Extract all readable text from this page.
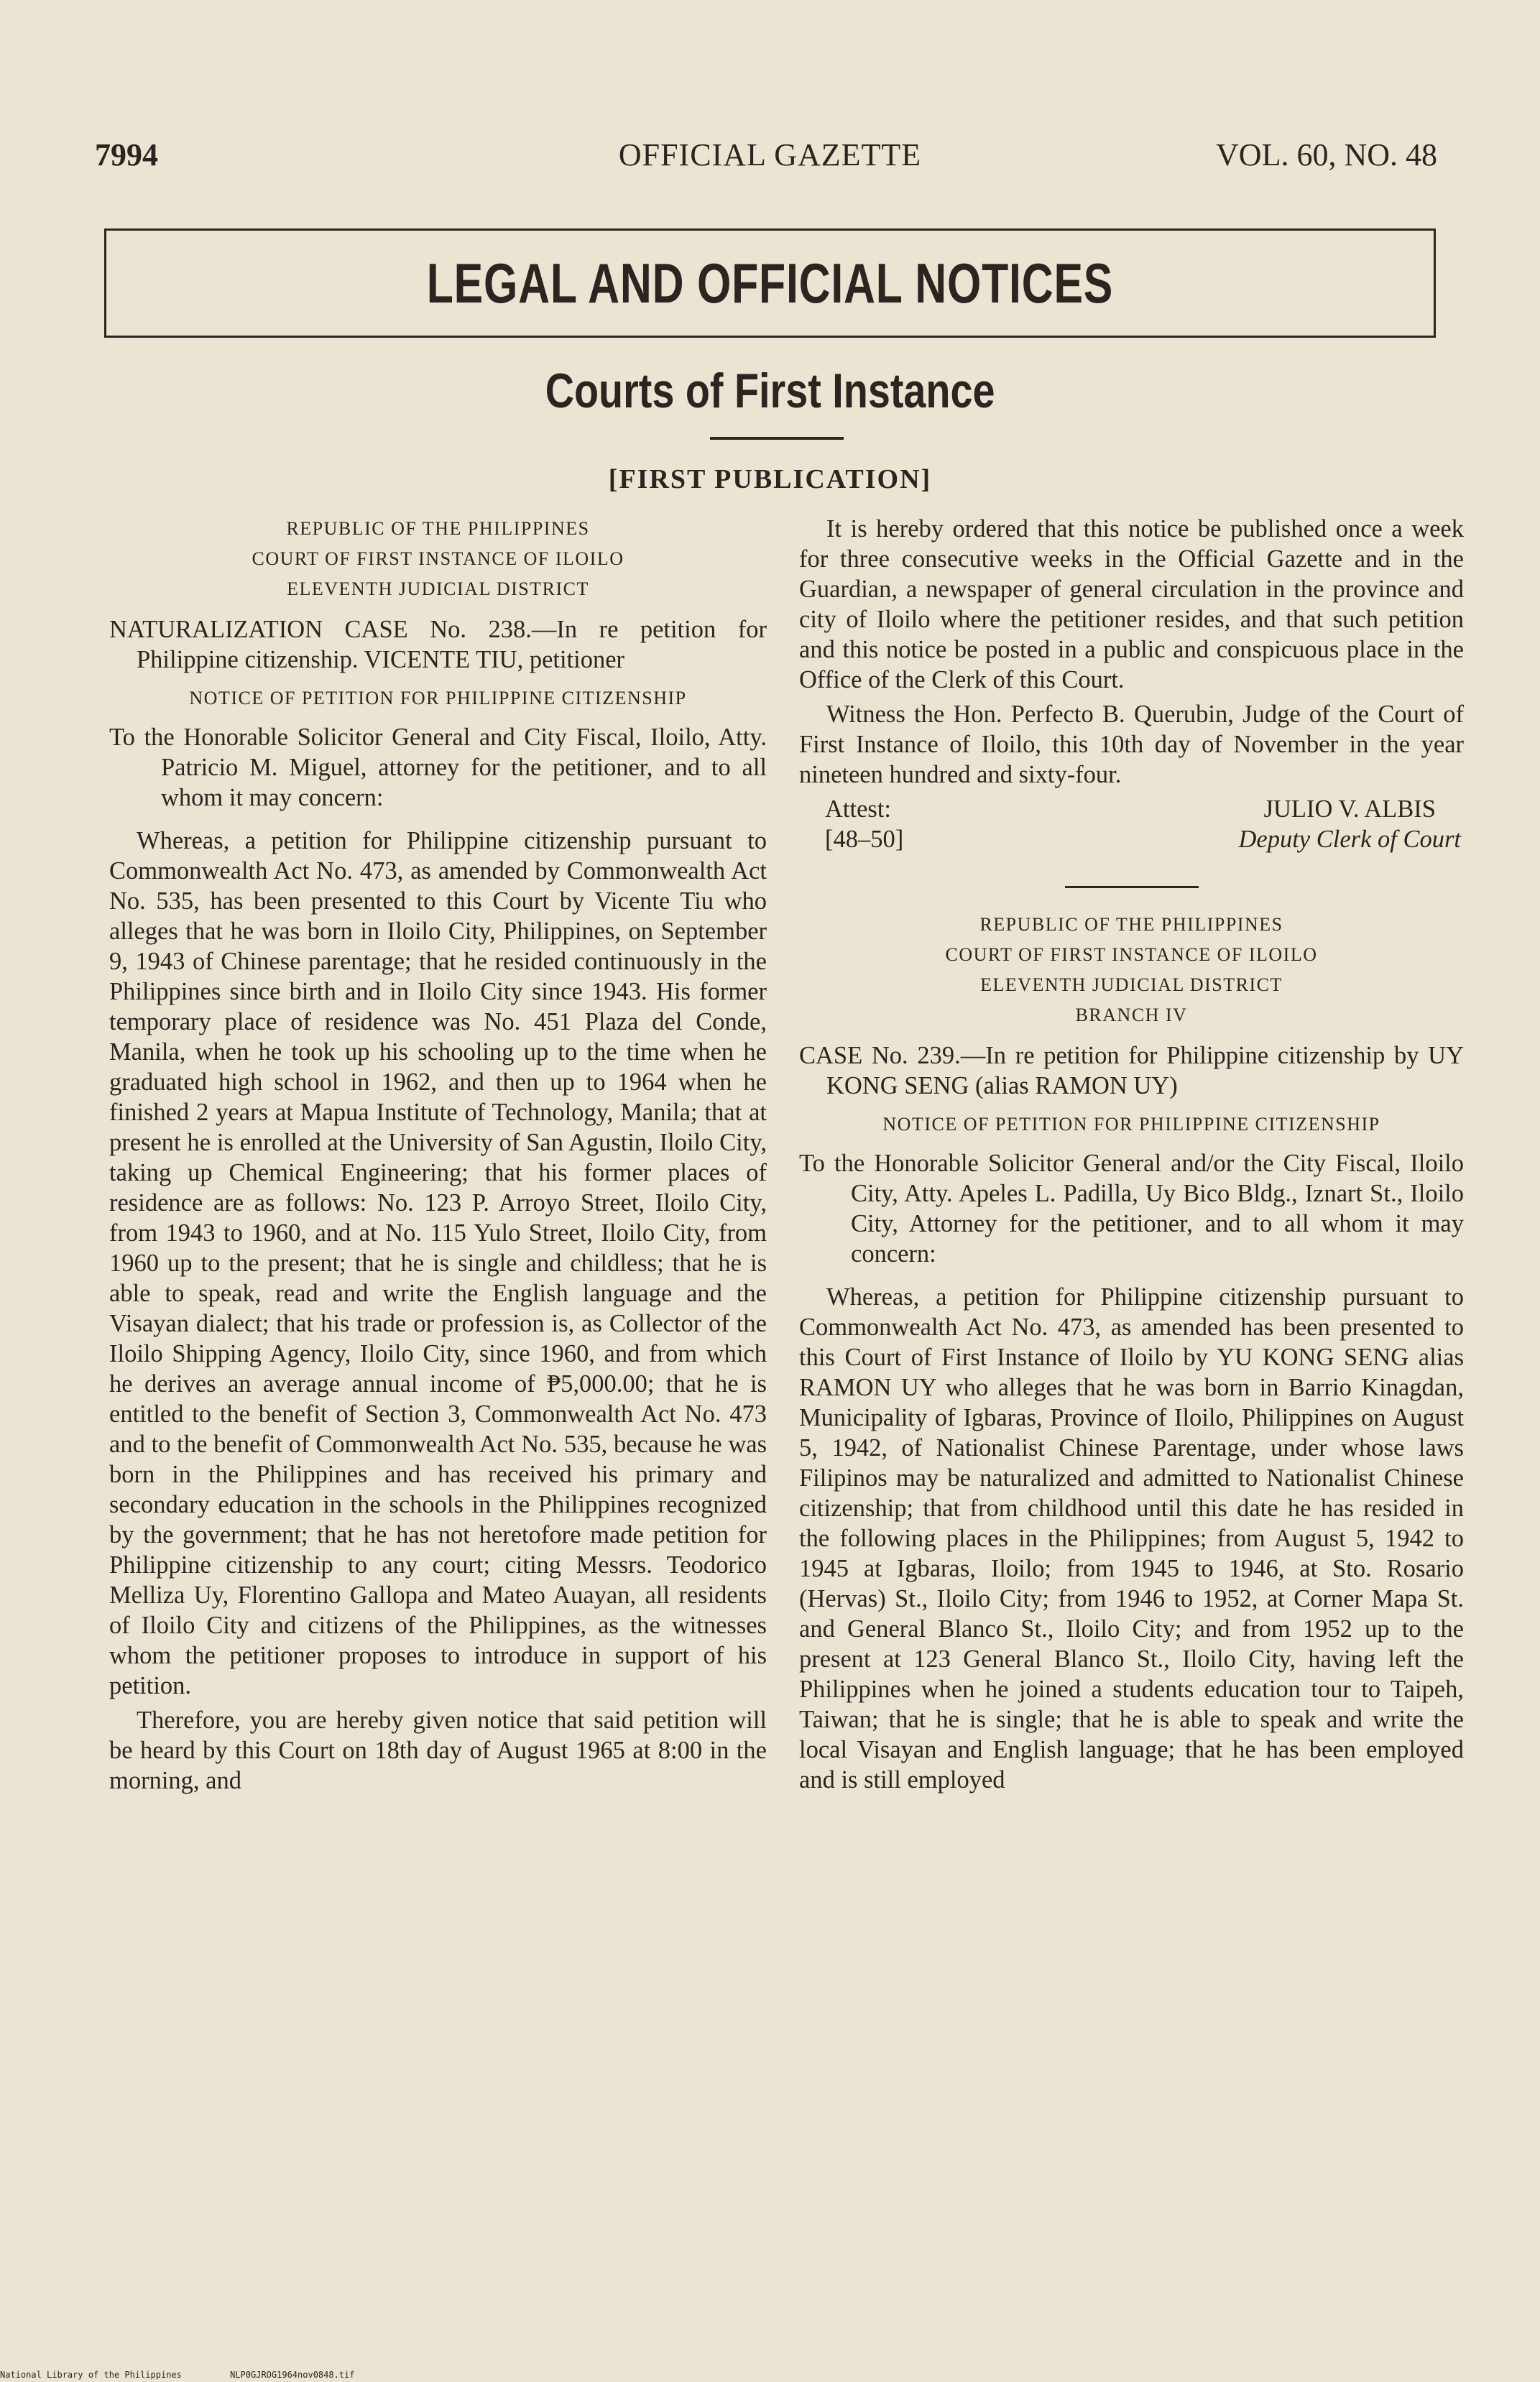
7994	OFFICIAL GAZETTE	VOL. 60, NO. 48
LEGAL AND OFFICIAL NOTICES
Courts of First Instance
[FIRST PUBLICATION]
REPUBLIC OF THE PHILIPPINES
COURT OF FIRST INSTANCE OF ILOILO
ELEVENTH JUDICIAL DISTRICT

NATURALIZATION CASE No. 238.—In re petition for Philippine citizenship. VICENTE TIU, petitioner

NOTICE OF PETITION FOR PHILIPPINE CITIZENSHIP

To the Honorable Solicitor General and City Fiscal, Iloilo, Atty. Patricio M. Miguel, attorney for the petitioner, and to all whom it may concern:

Whereas, a petition for Philippine citizenship pursuant to Commonwealth Act No. 473, as amended by Commonwealth Act No. 535, has been presented to this Court by Vicente Tiu who alleges that he was born in Iloilo City, Philippines, on September 9, 1943 of Chinese parentage; that he resided continuously in the Philippines since birth and in Iloilo City since 1943. His former temporary place of residence was No. 451 Plaza del Conde, Manila, when he took up his schooling up to the time when he graduated high school in 1962, and then up to 1964 when he finished 2 years at Mapua Institute of Technology, Manila; that at present he is enrolled at the University of San Agustin, Iloilo City, taking up Chemical Engineering; that his former places of residence are as follows: No. 123 P. Arroyo Street, Iloilo City, from 1943 to 1960, and at No. 115 Yulo Street, Iloilo City, from 1960 up to the present; that he is single and childless; that he is able to speak, read and write the English language and the Visayan dialect; that his trade or profession is, as Collector of the Iloilo Shipping Agency, Iloilo City, since 1960, and from which he derives an average annual income of ₱5,000.00; that he is entitled to the benefit of Section 3, Commonwealth Act No. 473 and to the benefit of Commonwealth Act No. 535, because he was born in the Philippines and has received his primary and secondary education in the schools in the Philippines recognized by the government; that he has not heretofore made petition for Philippine citizenship to any court; citing Messrs. Teodorico Melliza Uy, Florentino Gallopa and Mateo Auayan, all residents of Iloilo City and citizens of the Philippines, as the witnesses whom the petitioner proposes to introduce in support of his petition.

Therefore, you are hereby given notice that said petition will be heard by this Court on 18th day of August 1965 at 8:00 in the morning, and

It is hereby ordered that this notice be published once a week for three consecutive weeks in the Official Gazette and in the Guardian, a newspaper of general circulation in the province and city of Iloilo where the petitioner resides, and that such petition and this notice be posted in a public and conspicuous place in the Office of the Clerk of this Court.

Witness the Hon. Perfecto B. Querubin, Judge of the Court of First Instance of Iloilo, this 10th day of November in the year nineteen hundred and sixty-four.

Attest:
[48–50]
JULIO V. ALBIS
Deputy Clerk of Court
REPUBLIC OF THE PHILIPPINES
COURT OF FIRST INSTANCE OF ILOILO
ELEVENTH JUDICIAL DISTRICT
BRANCH IV

CASE No. 239.—In re petition for Philippine citizenship by UY KONG SENG (alias RAMON UY)

NOTICE OF PETITION FOR PHILIPPINE CITIZENSHIP

To the Honorable Solicitor General and/or the City Fiscal, Iloilo City, Atty. Apeles L. Padilla, Uy Bico Bldg., Iznart St., Iloilo City, Attorney for the petitioner, and to all whom it may concern:

Whereas, a petition for Philippine citizenship pursuant to Commonwealth Act No. 473, as amended has been presented to this Court of First Instance of Iloilo by YU KONG SENG alias RAMON UY who alleges that he was born in Barrio Kinagdan, Municipality of Igbaras, Province of Iloilo, Philippines on August 5, 1942, of Nationalist Chinese Parentage, under whose laws Filipinos may be naturalized and admitted to Nationalist Chinese citizenship; that from childhood until this date he has resided in the following places in the Philippines; from August 5, 1942 to 1945 at Igbaras, Iloilo; from 1945 to 1946, at Sto. Rosario (Hervas) St., Iloilo City; from 1946 to 1952, at Corner Mapa St. and General Blanco St., Iloilo City; and from 1952 up to the present at 123 General Blanco St., Iloilo City, having left the Philippines when he joined a students education tour to Taipeh, Taiwan; that he is single; that he is able to speak and write the local Visayan and English language; that he has been employed and is still employed

National Library of the Philippines	NLP0GJROG1964nov0848.tif
